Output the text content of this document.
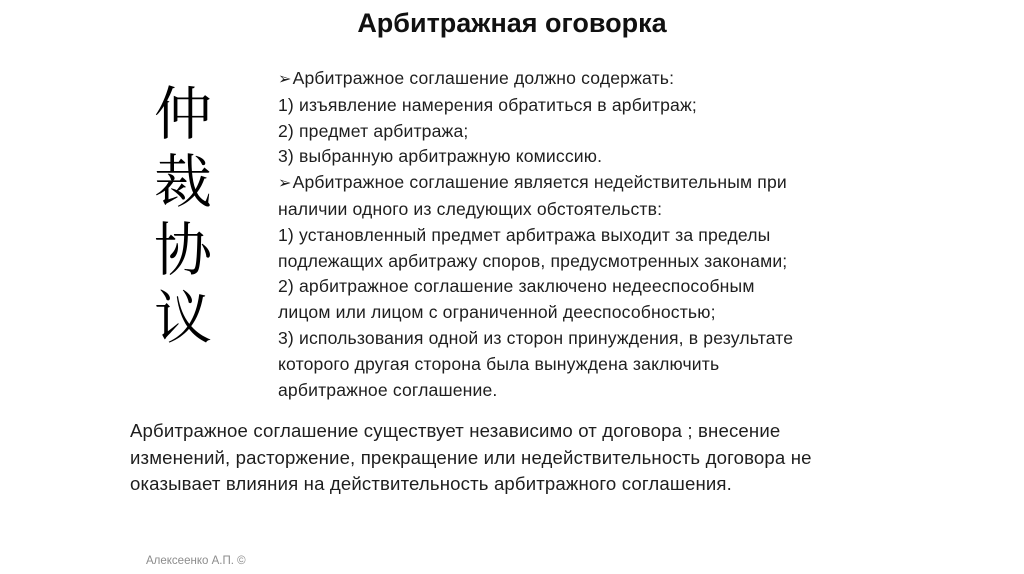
Арбитражная оговорка
仲
裁
协
议
➢Арбитражное соглашение должно содержать:
1) изъявление намерения обратиться в арбитраж;
2) предмет арбитража;
3) выбранную арбитражную комиссию.
➢Арбитражное соглашение является недействительным при
наличии одного из следующих обстоятельств:
1) установленный предмет арбитража выходит за пределы
подлежащих арбитражу споров, предусмотренных законами;
2) арбитражное соглашение заключено недееспособным
лицом или лицом с ограниченной дееспособностью;
3) использования одной из сторон принуждения, в результате
которого другая сторона была вынуждена заключить
арбитражное соглашение.
Арбитражное соглашение существует независимо от договора ; внесение
изменений, расторжение, прекращение или недействительность договора не
оказывает влияния на действительность арбитражного соглашения.
Алексеенко А.П. ©
